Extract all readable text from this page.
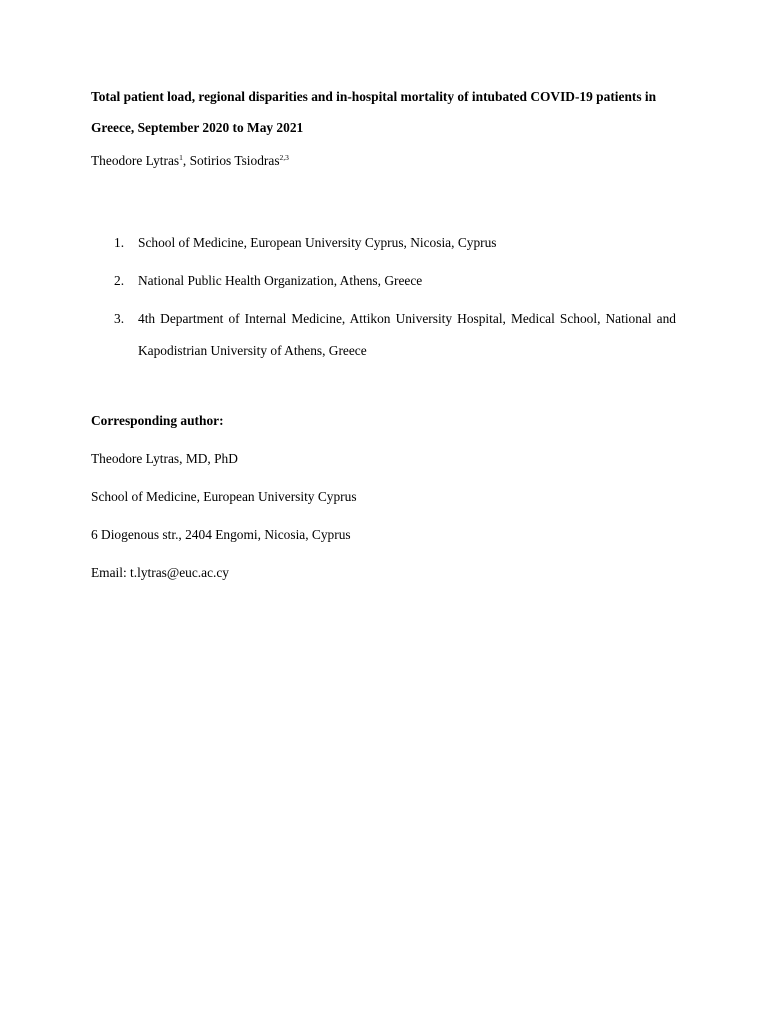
Total patient load, regional disparities and in-hospital mortality of intubated COVID-19 patients in Greece, September 2020 to May 2021

Theodore Lytras$^1$, Sotirios Tsiodras$^{2,3}$
1. School of Medicine, European University Cyprus, Nicosia, Cyprus
2. National Public Health Organization, Athens, Greece
3. 4th Department of Internal Medicine, Attikon University Hospital, Medical School, National and Kapodistrian University of Athens, Greece
Corresponding author:
Theodore Lytras, MD, PhD
School of Medicine, European University Cyprus
6 Diogenous str., 2404 Engomi, Nicosia, Cyprus
Email: t.lytras@euc.ac.cy
